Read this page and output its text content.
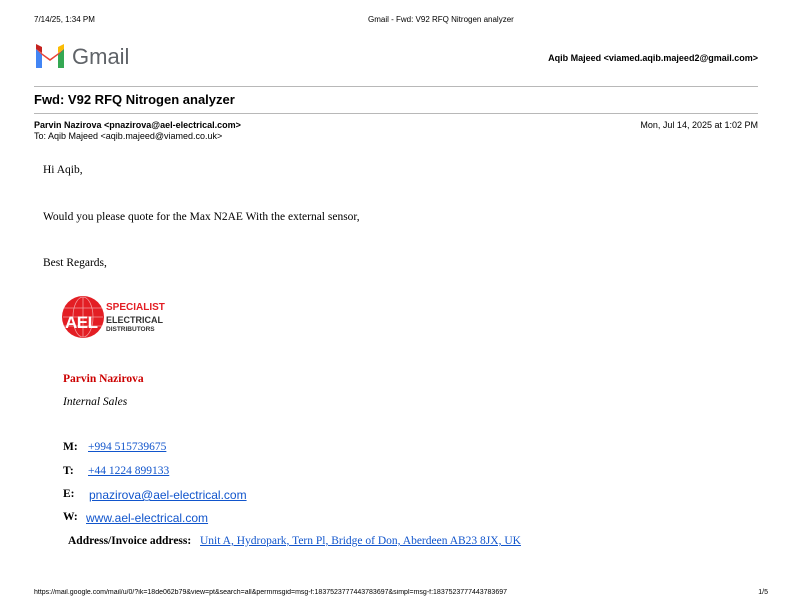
7/14/25, 1:34 PM	Gmail - Fwd: V92 RFQ Nitrogen analyzer
Gmail	Aqib Majeed <viamed.aqib.majeed2@gmail.com>
Fwd: V92 RFQ Nitrogen analyzer
Parvin Nazirova <pnazirova@ael-electrical.com>	Mon, Jul 14, 2025 at 1:02 PM
To: Aqib Majeed <aqib.majeed@viamed.co.uk>
Hi Aqib,
Would you please quote for the Max N2AE With the external sensor,
Best Regards,
AEL
SPECIALIST
ELECTRICAL
DISTRIBUTORS
Parvin Nazirova
Internal Sales
M: +994 515739675
T: +44 1224 899133
E: pnazirova@ael-electrical.com
W: www.ael-electrical.com
Address/Invoice address: Unit A, Hydropark, Tern Pl, Bridge of Don, Aberdeen AB23 8JX, UK
https://mail.google.com/mail/u/0/?ik=18de062b79&view=pt&search=all&permmsgid=msg-f:1837523777443783697&simpl=msg-f:1837523777443783697	1/5
